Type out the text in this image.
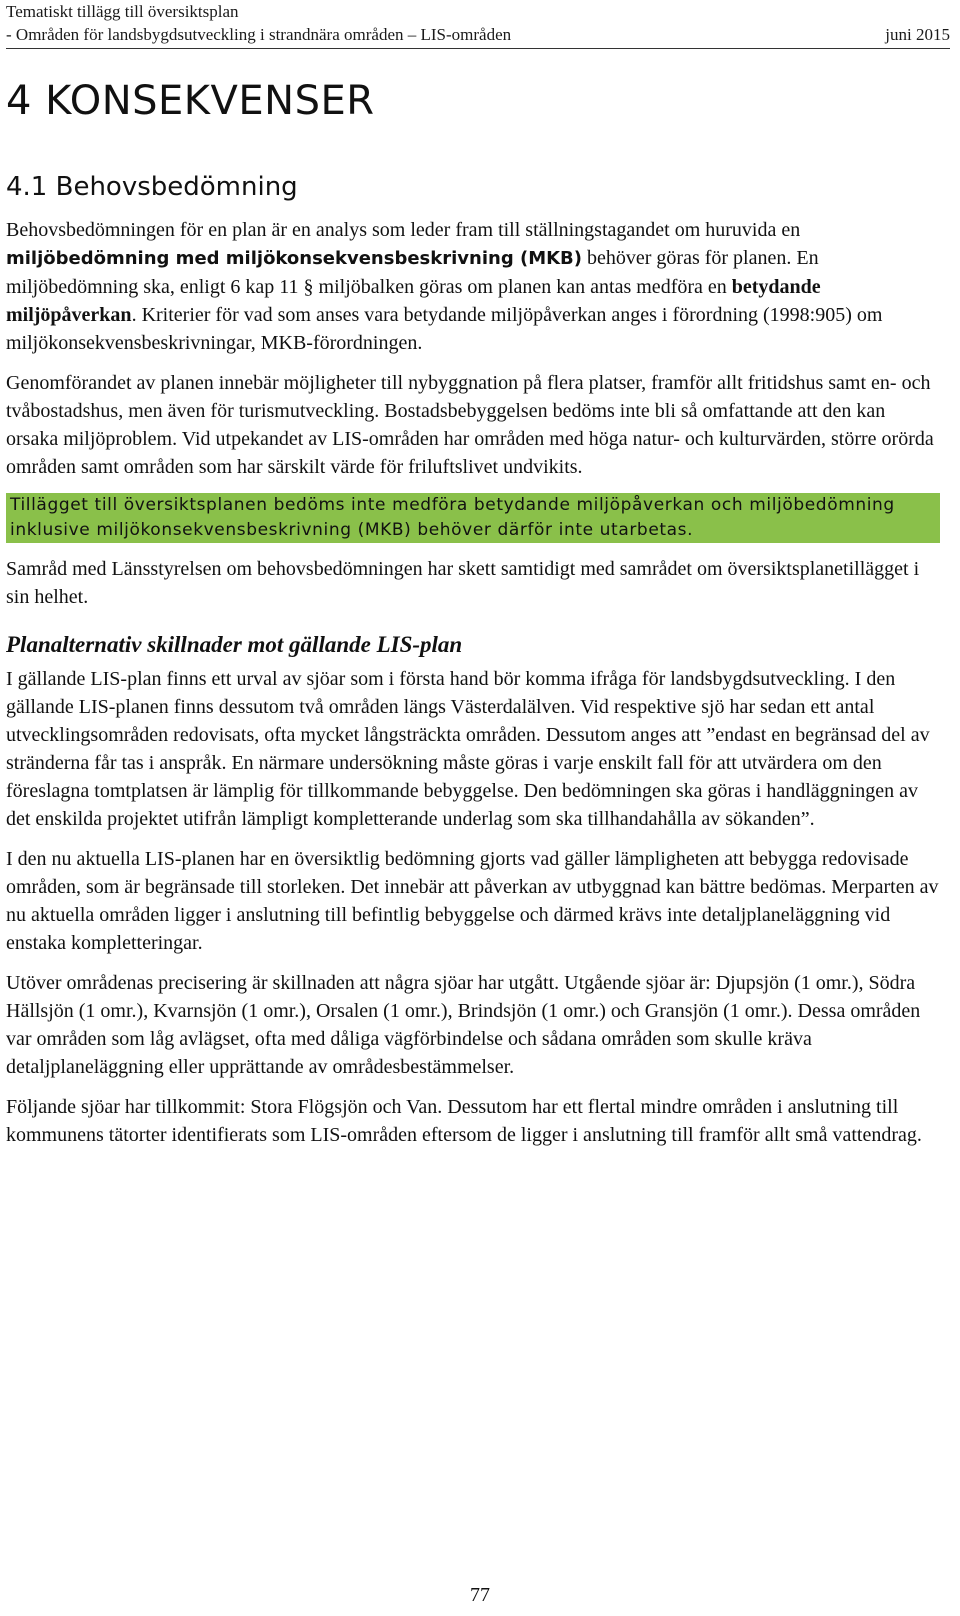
Tematiskt tillägg till översiktsplan
- Områden för landsbygdsutveckling i strandnära områden – LIS-områden	juni 2015
4 KONSEKVENSER
4.1 Behovsbedömning

Behovsbedömningen för en plan är en analys som leder fram till ställningstagandet om huruvida en miljöbedömning med miljökonsekvensbeskrivning (MKB) behöver göras för planen. En miljöbedömning ska, enligt 6 kap 11 § miljöbalken göras om planen kan antas medföra en betydande miljöpåverkan. Kriterier för vad som anses vara betydande miljöpåverkan anges i förordning (1998:905) om miljökonsekvensbeskrivningar, MKB-förordningen.

Genomförandet av planen innebär möjligheter till nybyggnation på flera platser, framför allt fritidshus samt en- och tvåbostadshus, men även för turismutveckling. Bostadsbebyggelsen bedöms inte bli så omfattande att den kan orsaka miljöproblem. Vid utpekandet av LIS-områden har områden med höga natur- och kulturvärden, större orörda områden samt områden som har särskilt värde för friluftslivet undvikits.

Tillägget till översiktsplanen bedöms inte medföra betydande miljöpåverkan och miljöbedömning inklusive miljökonsekvensbeskrivning (MKB) behöver därför inte utarbetas.

Samråd med Länsstyrelsen om behovsbedömningen har skett samtidigt med samrådet om översiktsplanetillägget i sin helhet.

Planalternativ skillnader mot gällande LIS-plan

I gällande LIS-plan finns ett urval av sjöar som i första hand bör komma ifråga för landsbygdsutveckling. I den gällande LIS-planen finns dessutom två områden längs Västerdalälven. Vid respektive sjö har sedan ett antal utvecklingsområden redovisats, ofta mycket långsträckta områden. Dessutom anges att ”endast en begränsad del av stränderna får tas i anspråk. En närmare undersökning måste göras i varje enskilt fall för att utvärdera om den föreslagna tomtplatsen är lämplig för tillkommande bebyggelse. Den bedömningen ska göras i handläggningen av det enskilda projektet utifrån lämpligt kompletterande underlag som ska tillhandahålla av sökanden”.

I den nu aktuella LIS-planen har en översiktlig bedömning gjorts vad gäller lämpligheten att bebygga redovisade områden, som är begränsade till storleken. Det innebär att påverkan av utbyggnad kan bättre bedömas. Merparten av nu aktuella områden ligger i anslutning till befintlig bebyggelse och därmed krävs inte detaljplaneläggning vid enstaka kompletteringar.

Utöver områdenas precisering är skillnaden att några sjöar har utgått. Utgående sjöar är: Djupsjön (1 omr.), Södra Hällsjön (1 omr.), Kvarnsjön (1 omr.), Orsalen (1 omr.), Brindsjön (1 omr.) och Gransjön (1 omr.). Dessa områden var områden som låg avlägset, ofta med dåliga vägförbindelse och sådana områden som skulle kräva detaljplaneläggning eller upprättande av områdesbestämmelser.

Följande sjöar har tillkommit: Stora Flögsjön och Van. Dessutom har ett flertal mindre områden i anslutning till kommunens tätorter identifierats som LIS-områden eftersom de ligger i anslutning till framför allt små vattendrag.

77
